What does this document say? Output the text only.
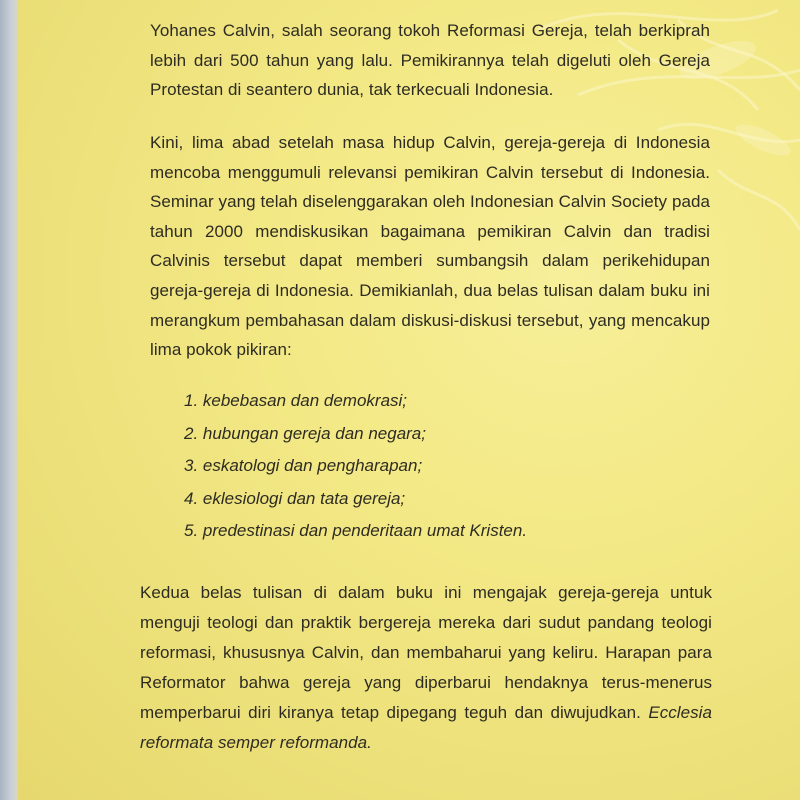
Yohanes Calvin, salah seorang tokoh Reformasi Gereja, telah berkiprah lebih dari 500 tahun yang lalu. Pemikirannya telah digeluti oleh Gereja Protestan di seantero dunia, tak terkecuali Indonesia.

Kini, lima abad setelah masa hidup Calvin, gereja-gereja di Indonesia mencoba menggumuli relevansi pemikiran Calvin tersebut di Indonesia. Seminar yang telah diselenggarakan oleh Indonesian Calvin Society pada tahun 2000 mendiskusikan bagaimana pemikiran Calvin dan tradisi Calvinis tersebut dapat memberi sumbangsih dalam perikehidupan gereja-gereja di Indonesia. Demikianlah, dua belas tulisan dalam buku ini merangkum pembahasan dalam diskusi-diskusi tersebut, yang mencakup lima pokok pikiran:

1. kebebasan dan demokrasi;
2. hubungan gereja dan negara;
3. eskatologi dan pengharapan;
4. eklesiologi dan tata gereja;
5. predestinasi dan penderitaan umat Kristen.

Kedua belas tulisan di dalam buku ini mengajak gereja-gereja untuk menguji teologi dan praktik bergereja mereka dari sudut pandang teologi reformasi, khususnya Calvin, dan membaharui yang keliru. Harapan para Reformator bahwa gereja yang diperbarui hendaknya terus-menerus memperbarui diri kiranya tetap dipegang teguh dan diwujudkan. Ecclesia reformata semper reformanda.
